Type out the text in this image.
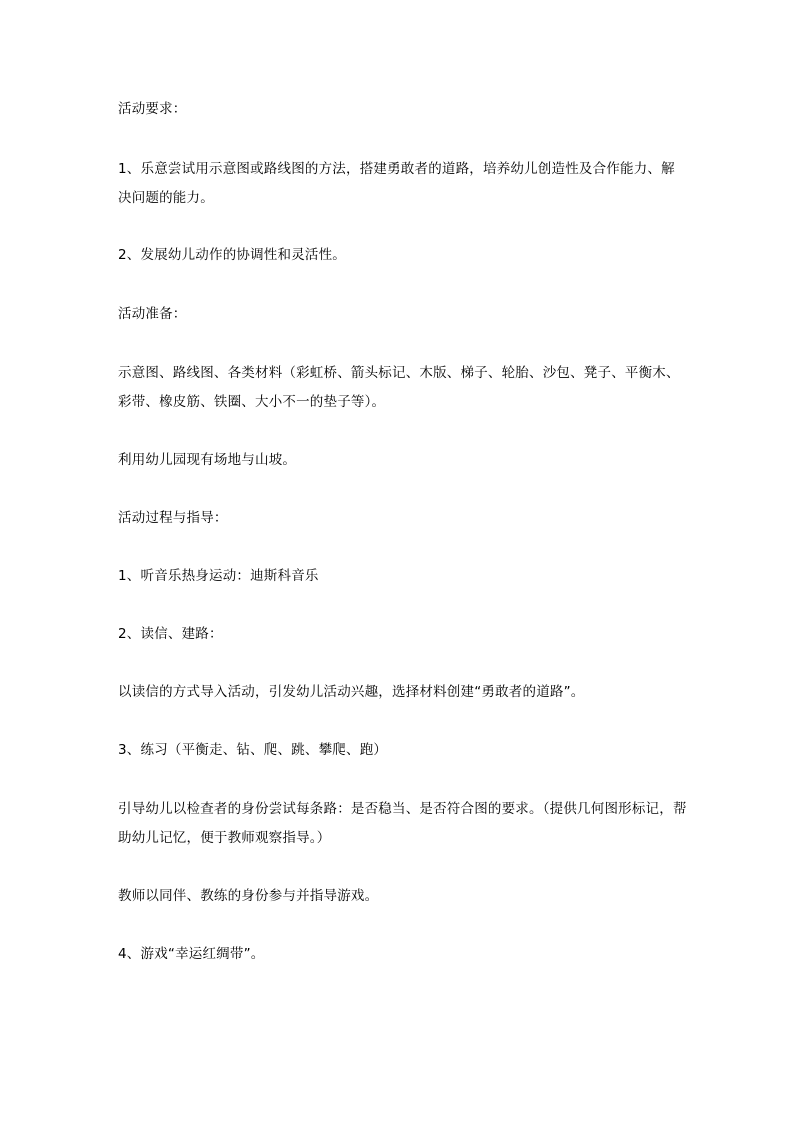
活动要求：

1、乐意尝试用示意图或路线图的方法，搭建勇敢者的道路，培养幼儿创造性及合作能力、解决问题的能力。

2、发展幼儿动作的协调性和灵活性。

活动准备：

示意图、路线图、各类材料（彩虹桥、箭头标记、木版、梯子、轮胎、沙包、凳子、平衡木、彩带、橡皮筋、铁圈、大小不一的垫子等）。

利用幼儿园现有场地与山坡。

活动过程与指导：

1、听音乐热身运动：迪斯科音乐

2、读信、建路：

以读信的方式导入活动，引发幼儿活动兴趣，选择材料创建“勇敢者的道路”。

3、练习（平衡走、钻、爬、跳、攀爬、跑）

引导幼儿以检查者的身份尝试每条路：是否稳当、是否符合图的要求。（提供几何图形标记，帮助幼儿记忆，便于教师观察指导。）

教师以同伴、教练的身份参与并指导游戏。

4、游戏“幸运红绸带”。
